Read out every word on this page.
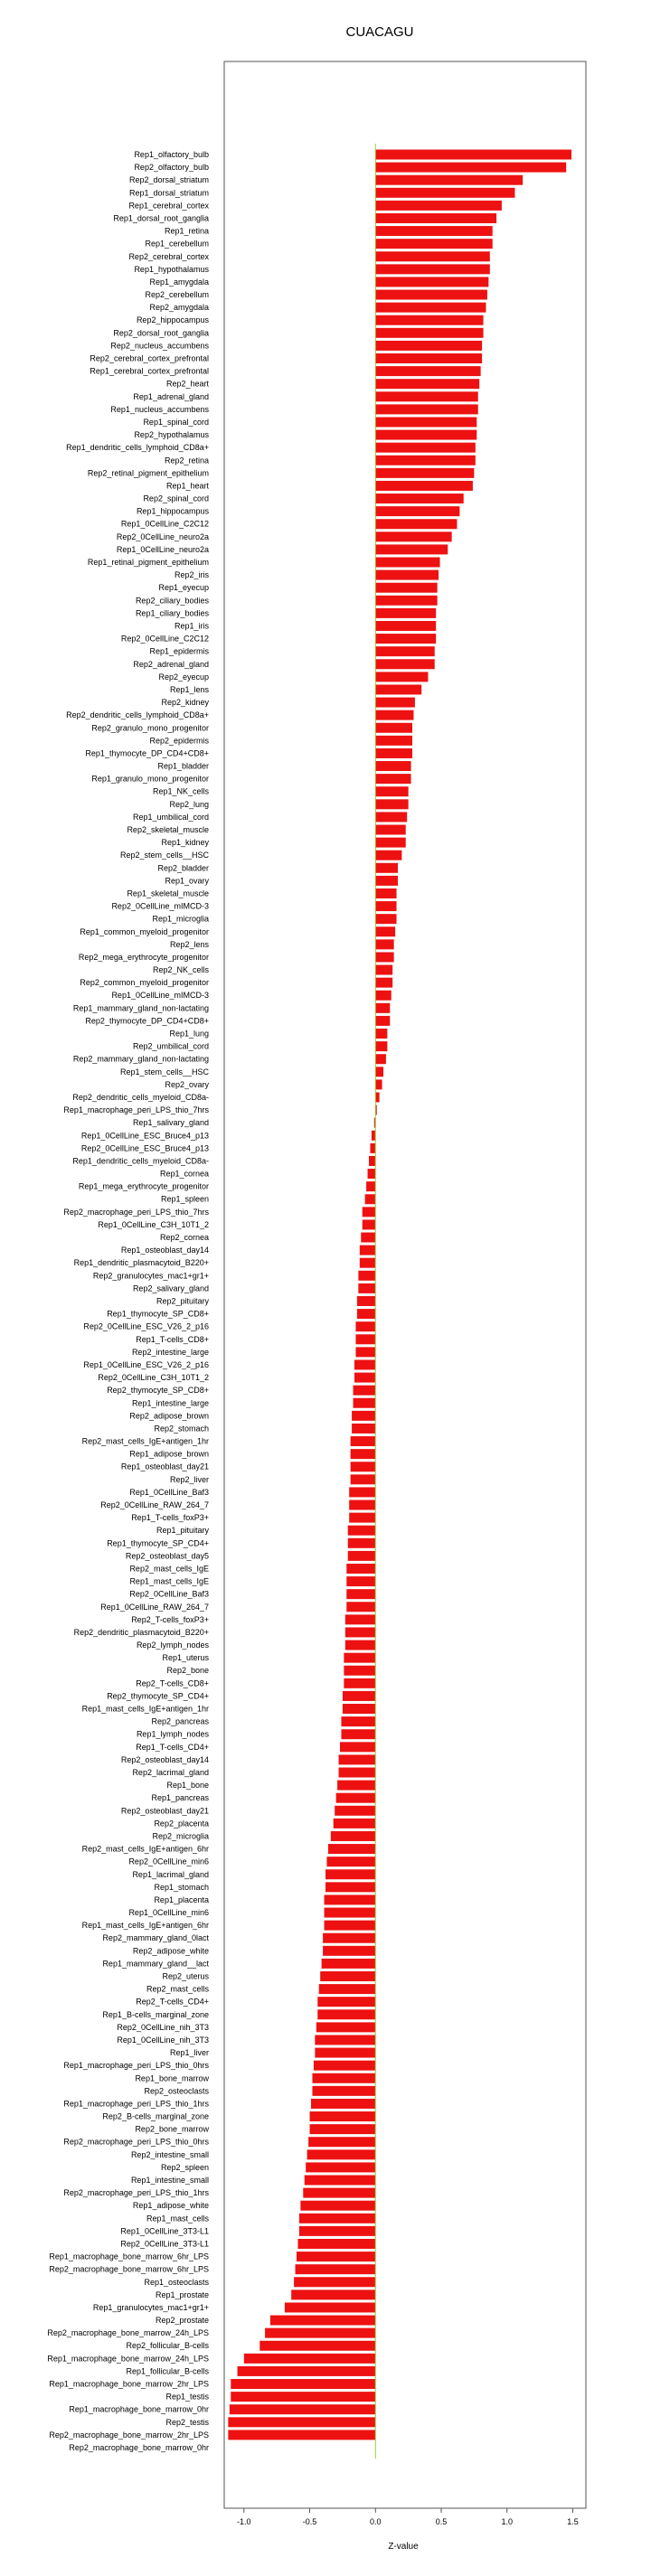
CUACAGU
Rep1_olfactory_bulb
Rep2_olfactory_bulb
Rep2_dorsal_striatum
Rep1_dorsal_striatum
Rep1_cerebral_cortex
Rep1_dorsal_root_ganglia
Rep1_retina
Rep1_cerebellum
Rep2_cerebral_cortex
Rep1_hypothalamus
Rep1_amygdala
Rep2_cerebellum
Rep2_amygdala
Rep2_hippocampus
Rep2_dorsal_root_ganglia
Rep2_nucleus_accumbens
Rep2_cerebral_cortex_prefrontal
Rep1_cerebral_cortex_prefrontal
Rep2_heart
Rep1_adrenal_gland
Rep1_nucleus_accumbens
Rep1_spinal_cord
Rep2_hypothalamus
Rep1_dendritic_cells_lymphoid_CD8a+
Rep2_retina
Rep2_retinal_pigment_epithelium
Rep1_heart
Rep2_spinal_cord
Rep1_hippocampus
Rep1_0CellLine_C2C12
Rep2_0CellLine_neuro2a
Rep1_0CellLine_neuro2a
Rep1_retinal_pigment_epithelium
Rep2_iris
Rep1_eyecup
Rep2_ciliary_bodies
Rep1_ciliary_bodies
Rep1_iris
Rep2_0CellLine_C2C12
Rep1_epidermis
Rep2_adrenal_gland
Rep2_eyecup
Rep1_lens
Rep2_kidney
Rep2_dendritic_cells_lymphoid_CD8a+
Rep2_granulo_mono_progenitor
Rep2_epidermis
Rep1_thymocyte_DP_CD4+CD8+
Rep1_bladder
Rep1_granulo_mono_progenitor
Rep1_NK_cells
Rep2_lung
Rep1_umbilical_cord
Rep2_skeletal_muscle
Rep1_kidney
Rep2_stem_cells__HSC
Rep2_bladder
Rep1_ovary
Rep1_skeletal_muscle
Rep2_0CellLine_mIMCD-3
Rep1_microglia
Rep1_common_myeloid_progenitor
Rep2_lens
Rep2_mega_erythrocyte_progenitor
Rep2_NK_cells
Rep2_common_myeloid_progenitor
Rep1_0CellLine_mIMCD-3
Rep1_mammary_gland_non-lactating
Rep2_thymocyte_DP_CD4+CD8+
Rep1_lung
Rep2_umbilical_cord
Rep2_mammary_gland_non-lactating
Rep1_stem_cells__HSC
Rep2_ovary
Rep2_dendritic_cells_myeloid_CD8a-
Rep1_macrophage_peri_LPS_thio_7hrs
Rep1_salivary_gland
Rep1_0CellLine_ESC_Bruce4_p13
Rep2_0CellLine_ESC_Bruce4_p13
Rep1_dendritic_cells_myeloid_CD8a-
Rep1_cornea
Rep1_mega_erythrocyte_progenitor
Rep1_spleen
Rep2_macrophage_peri_LPS_thio_7hrs
Rep1_0CellLine_C3H_10T1_2
Rep2_cornea
Rep1_osteoblast_day14
Rep1_dendritic_plasmacytoid_B220+
Rep2_granulocytes_mac1+gr1+
Rep2_salivary_gland
Rep2_pituitary
Rep1_thymocyte_SP_CD8+
Rep2_0CellLine_ESC_V26_2_p16
Rep1_T-cells_CD8+
Rep2_intestine_large
Rep1_0CellLine_ESC_V26_2_p16
Rep2_0CellLine_C3H_10T1_2
Rep2_thymocyte_SP_CD8+
Rep1_intestine_large
Rep2_adipose_brown
Rep2_stomach
Rep2_mast_cells_IgE+antigen_1hr
Rep1_adipose_brown
Rep1_osteoblast_day21
Rep2_liver
Rep1_0CellLine_Baf3
Rep2_0CellLine_RAW_264_7
Rep1_T-cells_foxP3+
Rep1_pituitary
Rep1_thymocyte_SP_CD4+
Rep2_osteoblast_day5
Rep2_mast_cells_IgE
Rep1_mast_cells_IgE
Rep2_0CellLine_Baf3
Rep1_0CellLine_RAW_264_7
Rep2_T-cells_foxP3+
Rep2_dendritic_plasmacytoid_B220+
Rep2_lymph_nodes
Rep1_uterus
Rep2_bone
Rep2_T-cells_CD8+
Rep2_thymocyte_SP_CD4+
Rep1_mast_cells_IgE+antigen_1hr
Rep2_pancreas
Rep1_lymph_nodes
Rep1_T-cells_CD4+
Rep2_osteoblast_day14
Rep2_lacrimal_gland
Rep1_bone
Rep1_pancreas
Rep2_osteoblast_day21
Rep2_placenta
Rep2_microglia
Rep2_mast_cells_IgE+antigen_6hr
Rep2_0CellLine_min6
Rep1_lacrimal_gland
Rep1_stomach
Rep1_placenta
Rep1_0CellLine_min6
Rep1_mast_cells_IgE+antigen_6hr
Rep2_mammary_gland_0lact
Rep2_adipose_white
Rep1_mammary_gland__lact
Rep2_uterus
Rep2_mast_cells
Rep2_T-cells_CD4+
Rep1_B-cells_marginal_zone
Rep2_0CellLine_nih_3T3
Rep1_0CellLine_nih_3T3
Rep1_liver
Rep1_macrophage_peri_LPS_thio_0hrs
Rep1_bone_marrow
Rep2_osteoclasts
Rep1_macrophage_peri_LPS_thio_1hrs
Rep2_B-cells_marginal_zone
Rep2_bone_marrow
Rep2_macrophage_peri_LPS_thio_0hrs
Rep2_intestine_small
Rep2_spleen
Rep1_intestine_small
Rep2_macrophage_peri_LPS_thio_1hrs
Rep1_adipose_white
Rep1_mast_cells
Rep1_0CellLine_3T3-L1
Rep2_0CellLine_3T3-L1
Rep1_macrophage_bone_marrow_6hr_LPS
Rep2_macrophage_bone_marrow_6hr_LPS
Rep1_osteoclasts
Rep1_prostate
Rep1_granulocytes_mac1+gr1+
Rep2_prostate
Rep2_macrophage_bone_marrow_24h_LPS
Rep2_follicular_B-cells
Rep1_macrophage_bone_marrow_24h_LPS
Rep1_follicular_B-cells
Rep1_macrophage_bone_marrow_2hr_LPS
Rep1_testis
Rep1_macrophage_bone_marrow_0hr
Rep2_testis
Rep2_macrophage_bone_marrow_2hr_LPS
Rep2_macrophage_bone_marrow_0hr
-1.0	-0.5	0.0	0.5	1.0	1.5
Z-value
